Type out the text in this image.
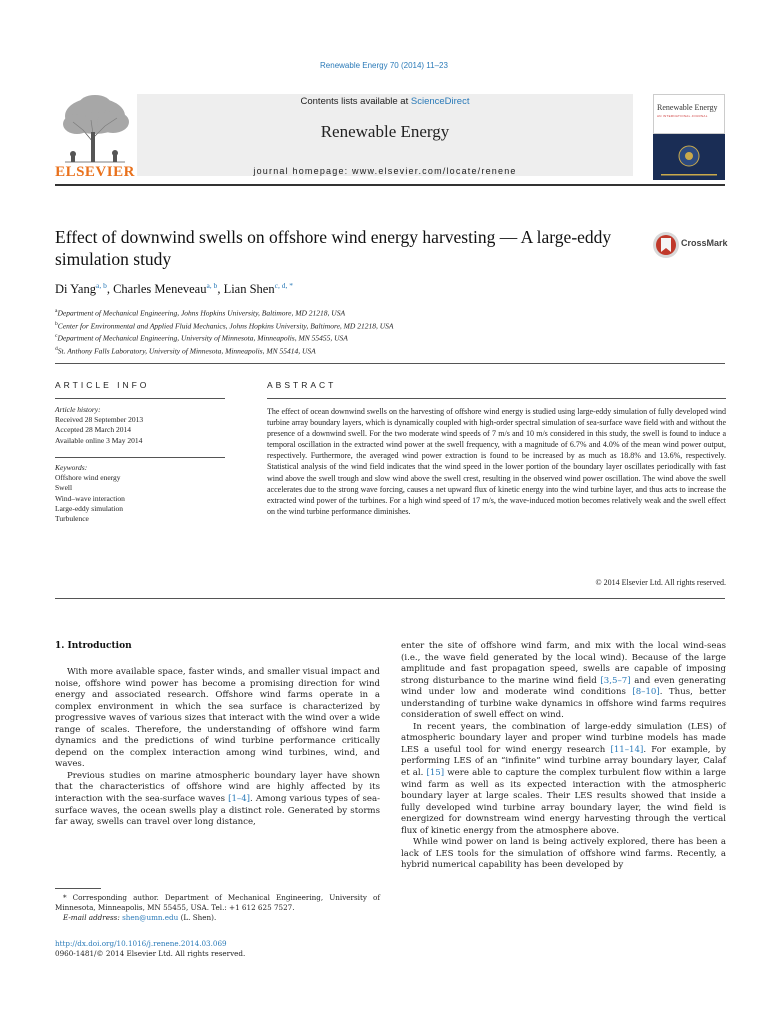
Renewable Energy 70 (2014) 11–23
ELSEVIER
Contents lists available at ScienceDirect
Renewable Energy
journal homepage: www.elsevier.com/locate/renene
Renewable Energy
AN INTERNATIONAL JOURNAL
Effect of downwind swells on offshore wind energy harvesting — A large-eddy simulation study
CrossMark
Di Yang$^{a, b}$, Charles Meneveau$^{a, b}$, Lian Shen$^{c, d, *}$
$^a$Department of Mechanical Engineering, Johns Hopkins University, Baltimore, MD 21218, USA
$^b$Center for Environmental and Applied Fluid Mechanics, Johns Hopkins University, Baltimore, MD 21218, USA
$^c$Department of Mechanical Engineering, University of Minnesota, Minneapolis, MN 55455, USA
$^d$St. Anthony Falls Laboratory, University of Minnesota, Minneapolis, MN 55414, USA
ARTICLE INFO
Article history:
Received 28 September 2013
Accepted 28 March 2014
Available online 3 May 2014
Keywords:
Offshore wind energy
Swell
Wind–wave interaction
Large-eddy simulation
Turbulence
ABSTRACT

The effect of ocean downwind swells on the harvesting of offshore wind energy is studied using large-eddy simulation of fully developed wind turbine array boundary layers, which is dynamically coupled with high-order spectral simulation of sea-surface wave field with and without the presence of a downwind swell. For the two moderate wind speeds of 7 m/s and 10 m/s considered in this study, the swell is found to induce a temporal oscillation in the extracted wind power at the swell frequency, with a magnitude of 6.7% and 4.0% of the mean wind power output, respectively. Furthermore, the averaged wind power extraction is found to be increased by as much as 18.8% and 13.6%, respectively. Statistical analysis of the wind field indicates that the wind speed in the lower portion of the boundary layer oscillates periodically with fast wind above the swell trough and slow wind above the swell crest, resulting in the observed wind power oscillation. The wind above the swell accelerates due to the strong wave forcing, causes a net upward flux of kinetic energy into the wind turbine layer, and thus acts to increase the extracted wind power of the turbines. For a high wind speed of 17 m/s, the wave-induced motion becomes relatively weak and the swell effect on the wind turbine performance diminishes.

© 2014 Elsevier Ltd. All rights reserved.
1. Introduction

With more available space, faster winds, and smaller visual impact and noise, offshore wind power has become a promising direction for wind energy and associated research. Offshore wind farms operate in a complex environment in which the sea surface is characterized by progressive waves of various sizes that interact with the wind over a wide range of scales. Therefore, the understanding of offshore wind farm dynamics and the predictions of wind turbine performance critically depend on the complex interaction among wind turbines, wind, and waves.

Previous studies on marine atmospheric boundary layer have shown that the characteristics of offshore wind are highly affected by its interaction with the sea-surface waves [1–4]. Among various types of sea-surface waves, the ocean swells play a distinct role. Generated by storms far away, swells can travel over long distance,

enter the site of offshore wind farm, and mix with the local wind-seas (i.e., the wave field generated by the local wind). Because of the large amplitude and fast propagation speed, swells are capable of imposing strong disturbance to the marine wind field [3,5–7] and even generating wind under low and moderate wind conditions [8–10]. Thus, better understanding of turbine wake dynamics in offshore wind farms requires consideration of swell effect on wind.

In recent years, the combination of large-eddy simulation (LES) of atmospheric boundary layer and proper wind turbine models has made LES a useful tool for wind energy research [11–14]. For example, by performing LES of an “infinite” wind turbine array boundary layer, Calaf et al. [15] were able to capture the complex turbulent flow within a large wind farm as well as its expected interaction with the atmospheric boundary layer at large scales. Their LES results showed that inside a fully developed wind turbine array boundary layer, the wind field is energized for downstream wind energy harvesting through the vertical flux of kinetic energy from the atmosphere above.

While wind power on land is being actively explored, there has been a lack of LES tools for the simulation of offshore wind farms. Recently, a hybrid numerical capability has been developed by

* Corresponding author. Department of Mechanical Engineering, University of Minnesota, Minneapolis, MN 55455, USA. Tel.: +1 612 625 7527.

E-mail address: shen@umn.edu (L. Shen).

http://dx.doi.org/10.1016/j.renene.2014.03.069
0960-1481/© 2014 Elsevier Ltd. All rights reserved.
